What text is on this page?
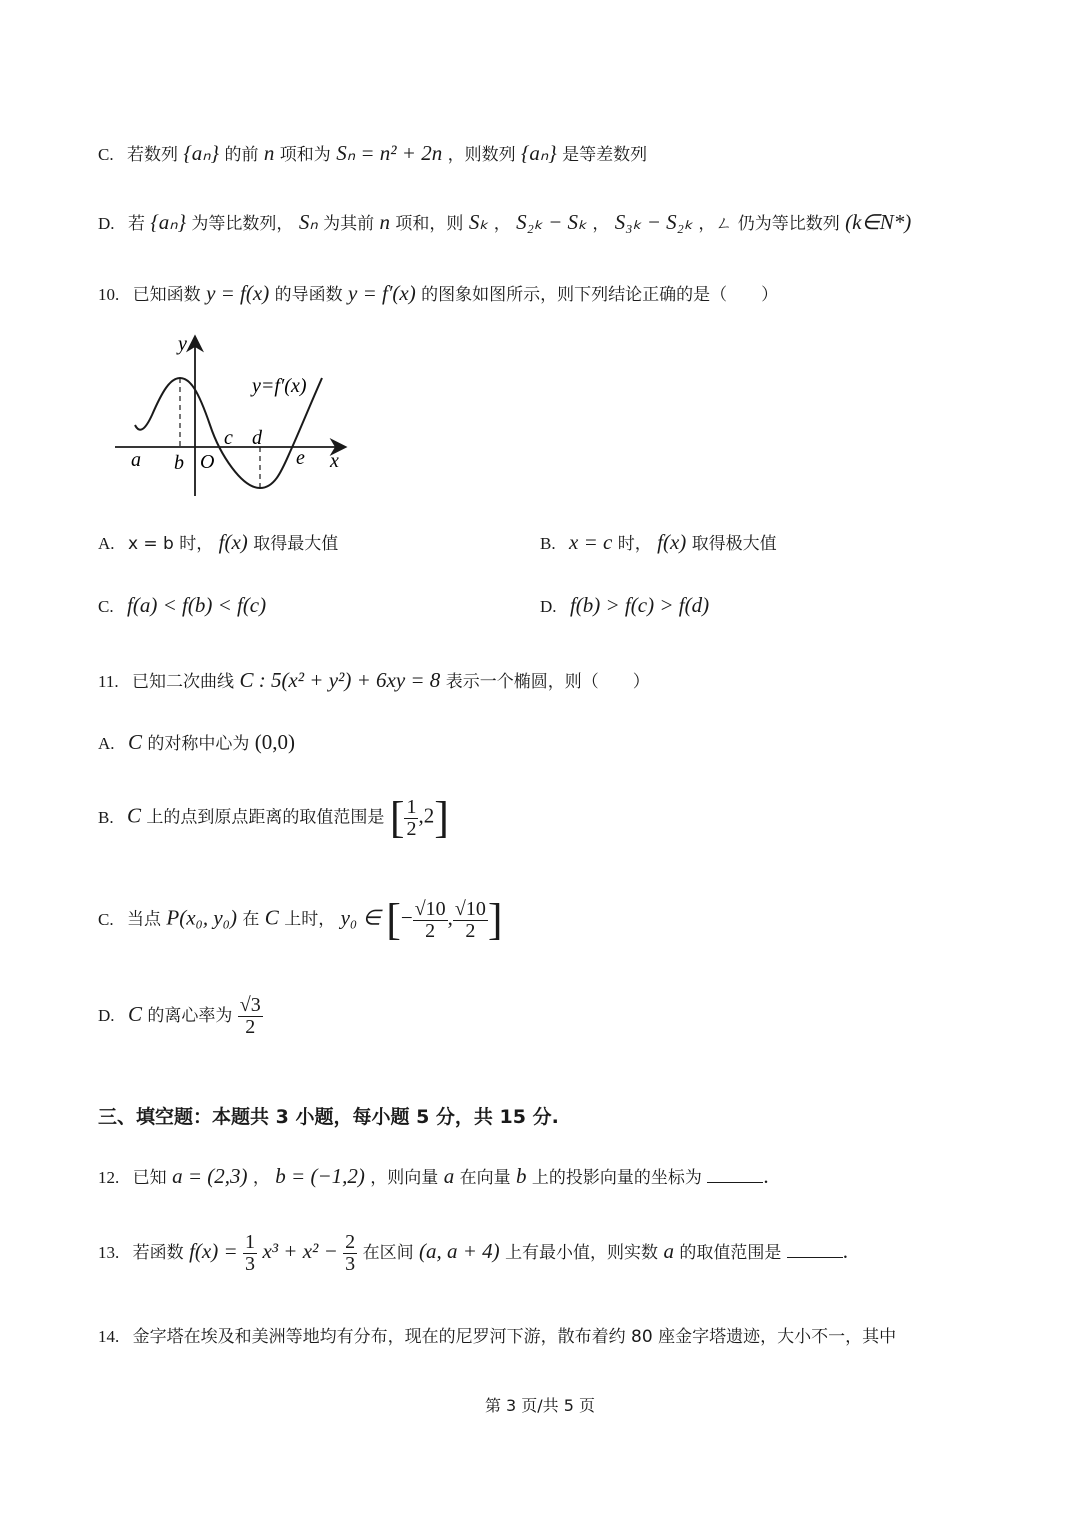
C. 若数列 {aₙ} 的前 n 项和为 Sₙ = n² + 2n ，则数列 {aₙ} 是等差数列
D. 若 {aₙ} 为等比数列， Sₙ 为其前 n 项和，则 Sₖ ， S₂ₖ − Sₖ ， S₃ₖ − S₂ₖ ，ㄥ 仍为等比数列 (k∈N*)
10. 已知函数 y = f(x) 的导函数 y = f′(x) 的图象如图所示，则下列结论正确的是（　　）
y
x
y=f′(x)
O
a b
c d
e
A. x = b 时， f(x) 取得最大值	B. x = c 时， f(x) 取得极大值
C. f(a) < f(b) < f(c)	D. f(b) > f(c) > f(d)
11. 已知二次曲线 C : 5(x² + y²) + 6xy = 8 表示一个椭圆，则（　　）
A. C 的对称中心为 (0,0)
B. C 上的点到原点距离的取值范围是 [ $\frac{1}{2} ,2$]
C. 当点 P(x₀, y₀) 在 C 上时， y₀ ∈ [− $\frac{√10}{2}$ , $\frac{√10}{2}$ ]
D. C 的离心率为 $\frac{√3}{2}$
三、填空题：本题共 3 小题，每小题 5 分，共 15 分.
12. 已知 a = (2,3) ， b = (−1,2) ，则向量 a 在向量 b 上的投影向量的坐标为	.
13. 若函数 $f(x) = \frac{1}{3} x^3 + x^2 - \frac{2}{3}$ 在区间 (a, a + 4) 上有最小值，则实数 a 的取值范围是	.
14. 金字塔在埃及和美洲等地均有分布，现在的尼罗河下游，散布着约 80 座金字塔遗迹，大小不一，其中
第 3 页/共 5 页
